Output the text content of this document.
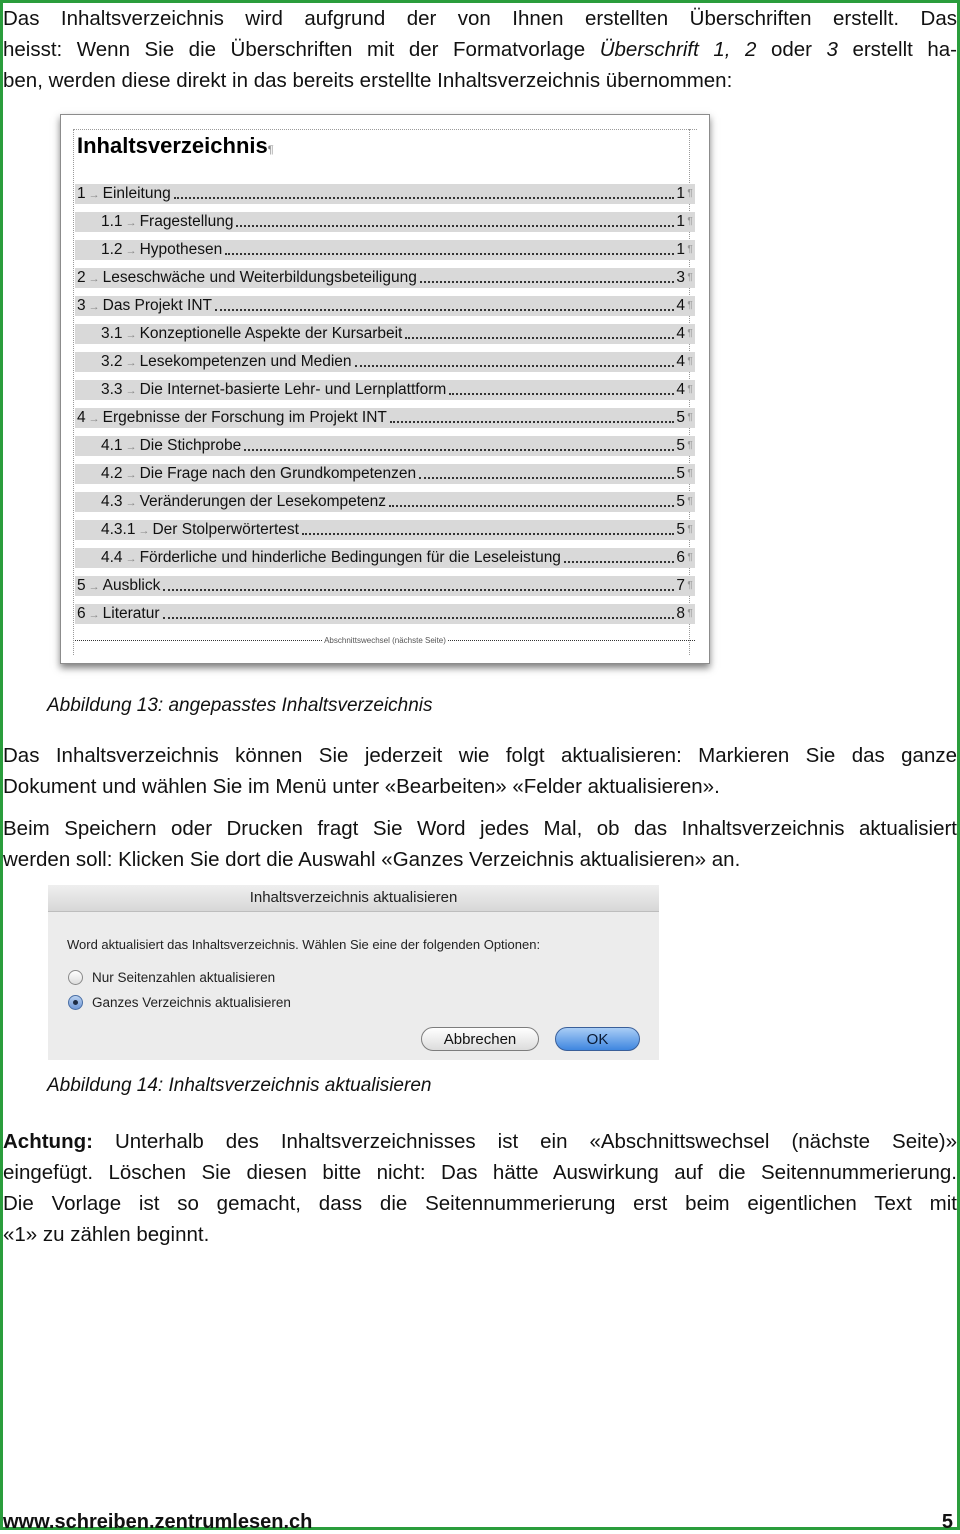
Das Inhaltsverzeichnis wird aufgrund der von Ihnen erstellten Überschriften erstellt. Das
heisst: Wenn Sie die Überschriften mit der Formatvorlage Überschrift 1, 2 oder 3 erstellt ha-
ben, werden diese direkt in das bereits erstellte Inhaltsverzeichnis übernommen:

Inhaltsverzeichnis¶
1 → Einleitung	1 ¶
1.1 → Fragestellung	1 ¶
1.2 → Hypothesen	1 ¶
2 → Leseschwäche und Weiterbildungsbeteiligung	3 ¶
3 → Das Projekt INT	4 ¶
3.1 → Konzeptionelle Aspekte der Kursarbeit	4 ¶
3.2 → Lesekompetenzen und Medien	4 ¶
3.3 → Die Internet-basierte Lehr- und Lernplattform	4 ¶
4 → Ergebnisse der Forschung im Projekt INT	5 ¶
4.1 → Die Stichprobe	5 ¶
4.2 → Die Frage nach den Grundkompetenzen	5 ¶
4.3 → Veränderungen der Lesekompetenz	5 ¶
4.3.1 → Der Stolperwörtertest	5 ¶
4.4 → Förderliche und hinderliche Bedingungen für die Leseleistung	6 ¶
5 → Ausblick	7 ¶
6 → Literatur	8 ¶
Abschnittswechsel (nächste Seite)

Abbildung 13: angepasstes Inhaltsverzeichnis

Das Inhaltsverzeichnis können Sie jederzeit wie folgt aktualisieren: Markieren Sie das ganze
Dokument und wählen Sie im Menü unter «Bearbeiten» «Felder aktualisieren».

Beim Speichern oder Drucken fragt Sie Word jedes Mal, ob das Inhaltsverzeichnis aktualisiert
werden soll: Klicken Sie dort die Auswahl «Ganzes Verzeichnis aktualisieren» an.

Inhaltsverzeichnis aktualisieren
Word aktualisiert das Inhaltsverzeichnis. Wählen Sie eine der folgenden Optionen:
Nur Seitenzahlen aktualisieren
Ganzes Verzeichnis aktualisieren
Abbrechen	OK

Abbildung 14: Inhaltsverzeichnis aktualisieren

Achtung: Unterhalb des Inhaltsverzeichnisses ist ein «Abschnittswechsel (nächste Seite)»
eingefügt. Löschen Sie diesen bitte nicht: Das hätte Auswirkung auf die Seitennummerierung.
Die Vorlage ist so gemacht, dass die Seitennummerierung erst beim eigentlichen Text mit
«1» zu zählen beginnt.

www.schreiben.zentrumlesen.ch	5
